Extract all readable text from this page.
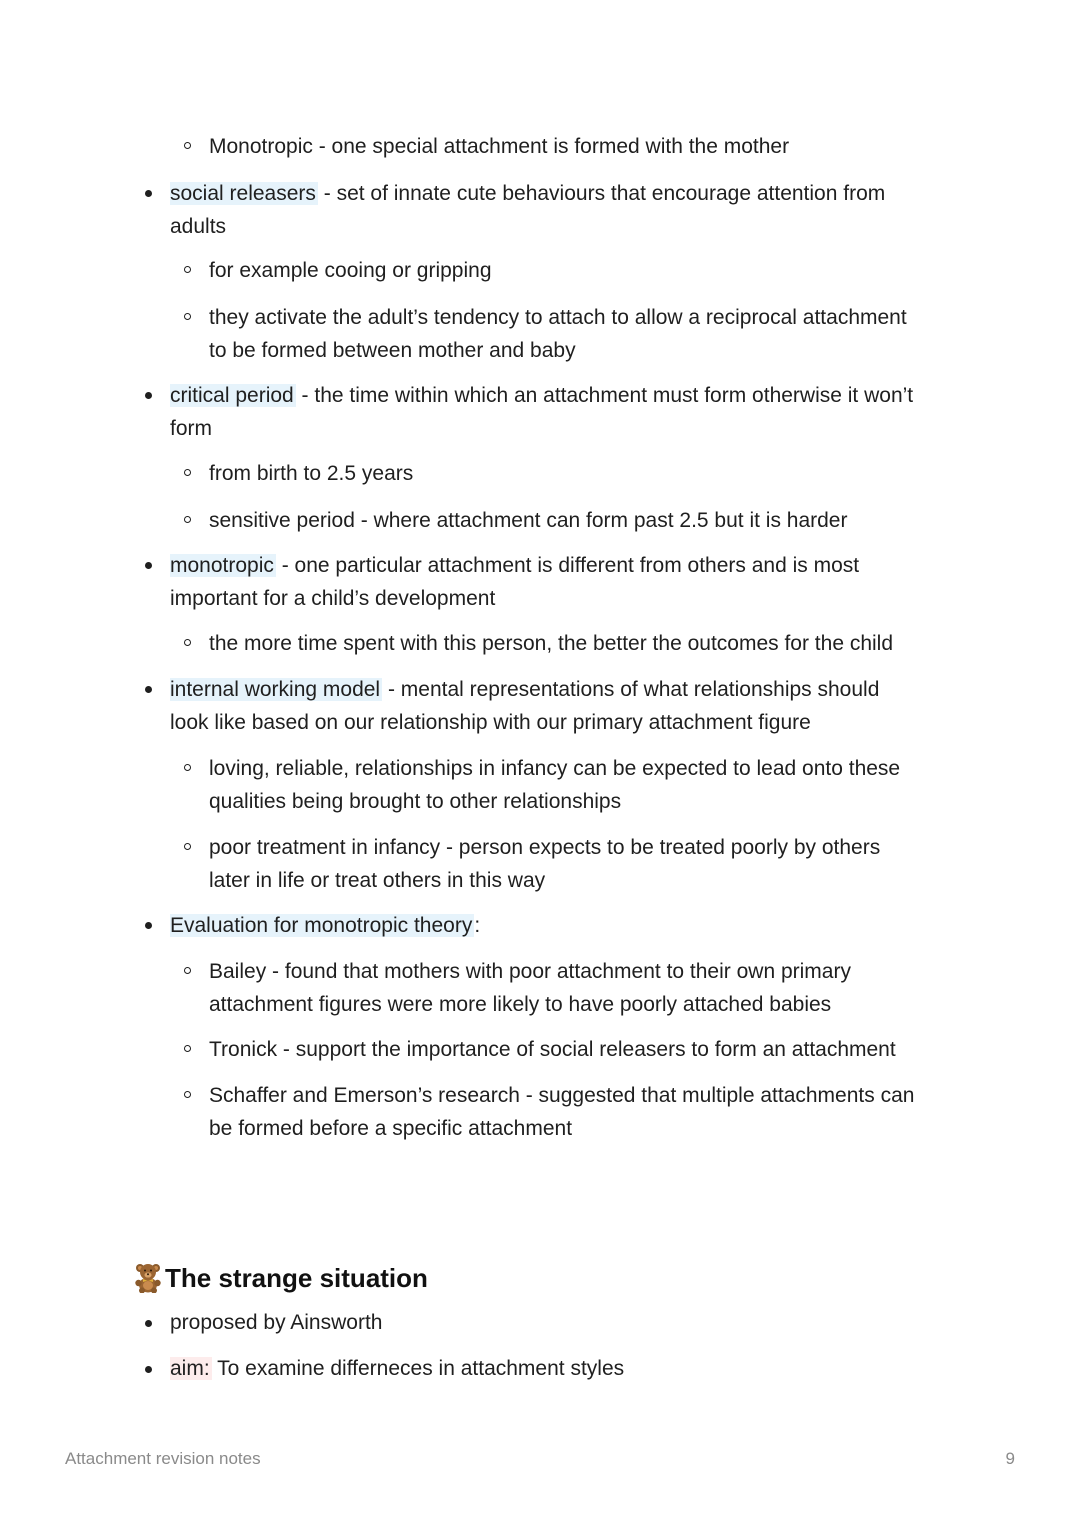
Monotropic - one special attachment is formed with the mother
social releasers - set of innate cute behaviours that encourage attention from
adults
for example cooing or gripping
they activate the adult’s tendency to attach to allow a reciprocal attachment
to be formed between mother and baby
critical period - the time within which an attachment must form otherwise it won’t
form
from birth to 2.5 years
sensitive period - where attachment can form past 2.5 but it is harder
monotropic - one particular attachment is different from others and is most
important for a child’s development
the more time spent with this person, the better the outcomes for the child
internal working model - mental representations of what relationships should
look like based on our relationship with our primary attachment figure
loving, reliable, relationships in infancy can be expected to lead onto these
qualities being brought to other relationships
poor treatment in infancy - person expects to be treated poorly by others
later in life or treat others in this way
Evaluation for monotropic theory:
Bailey - found that mothers with poor attachment to their own primary
attachment figures were more likely to have poorly attached babies
Tronick - support the importance of social releasers to form an attachment
Schaffer and Emerson’s research - suggested that multiple attachments can
be formed before a specific attachment
The strange situation
proposed by Ainsworth
aim: To examine differneces in attachment styles
Attachment revision notes	9
